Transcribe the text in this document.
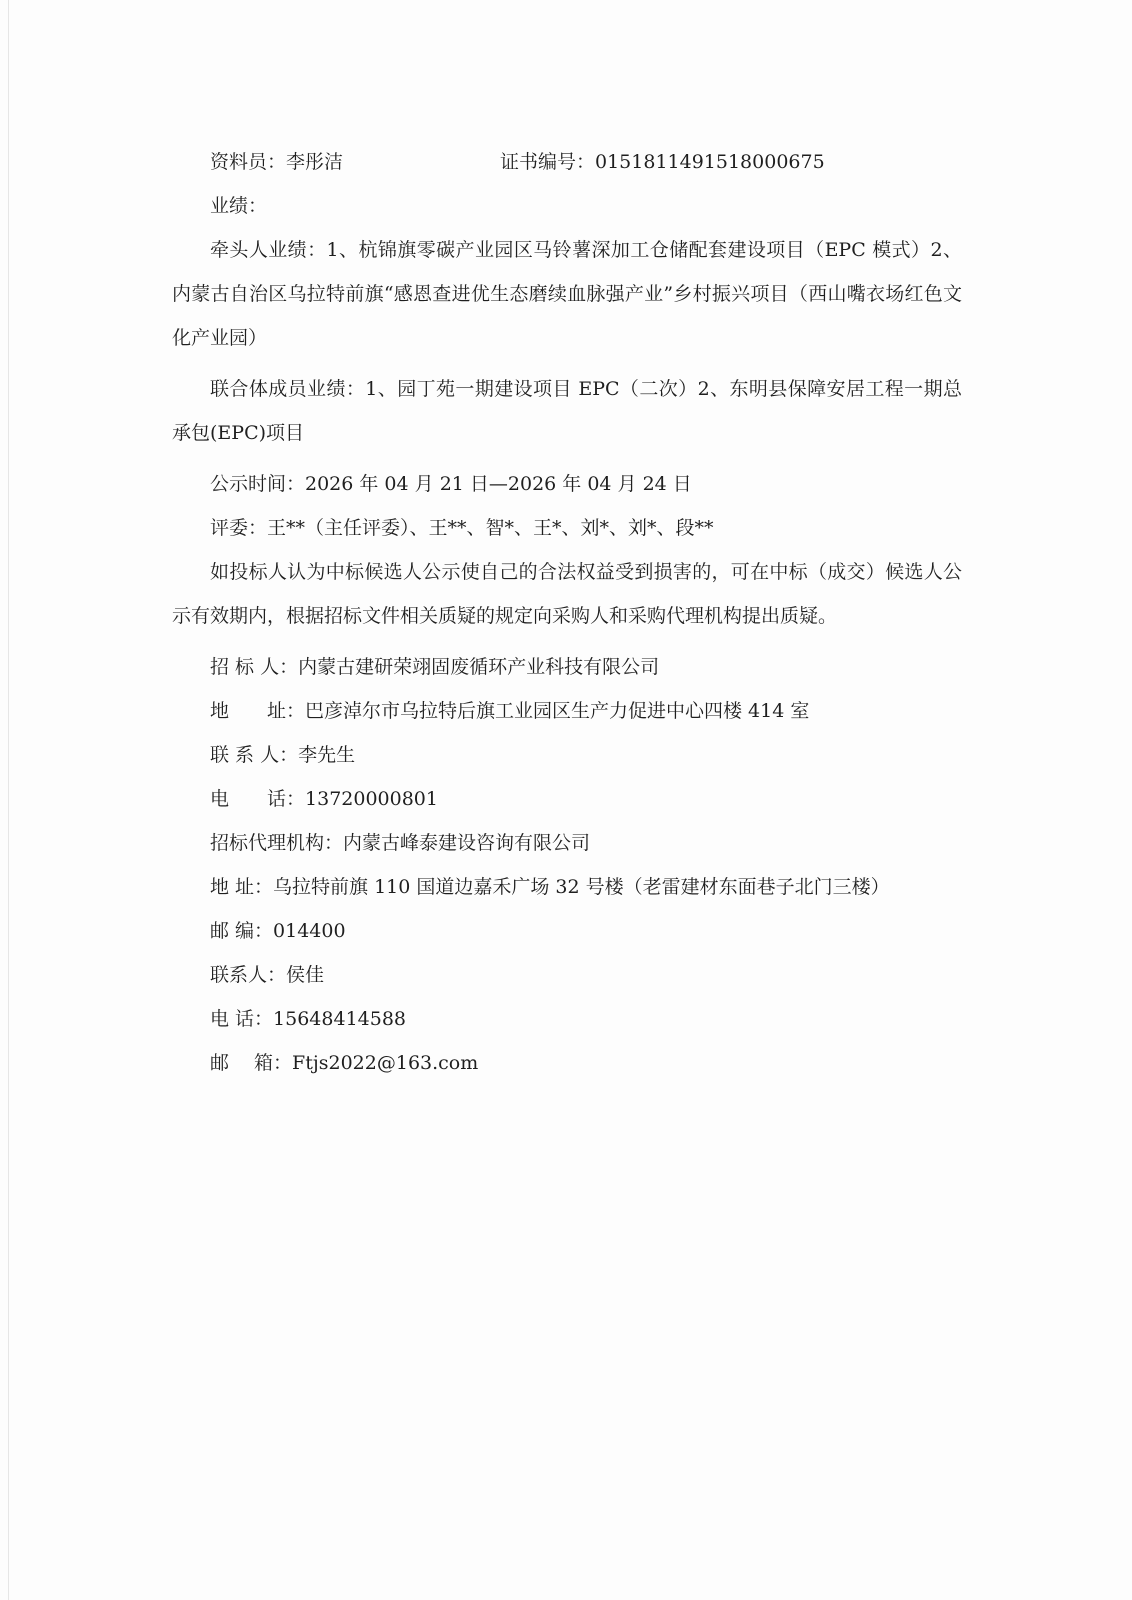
资料员：李彤洁	证书编号：0151811491518000675
业绩：
牵头人业绩：1、杭锦旗零碳产业园区马铃薯深加工仓储配套建设项目（EPC 模式）2、内蒙古自治区乌拉特前旗“感恩查进优生态磨续血脉强产业”乡村振兴项目（西山嘴衣场红色文化产业园）
联合体成员业绩：1、园丁苑一期建设项目 EPC（二次）2、东明县保障安居工程一期总承包(EPC)项目
公示时间：2026 年 04 月 21 日—2026 年 04 月 24 日
评委：王**（主任评委）、王**、智*、王*、刘*、刘*、段**
如投标人认为中标候选人公示使自己的合法权益受到损害的，可在中标（成交）候选人公示有效期内，根据招标文件相关质疑的规定向采购人和采购代理机构提出质疑。
招 标 人：内蒙古建研荣翊固废循环产业科技有限公司
地　　址：巴彦淖尔市乌拉特后旗工业园区生产力促进中心四楼 414 室
联 系 人：李先生
电　　话：13720000801
招标代理机构：内蒙古峰泰建设咨询有限公司
地 址：乌拉特前旗 110 国道边嘉禾广场 32 号楼（老雷建材东面巷子北门三楼）
邮 编：014400
联系人：侯佳
电 话：15648414588
邮　 箱：Ftjs2022@163.com
